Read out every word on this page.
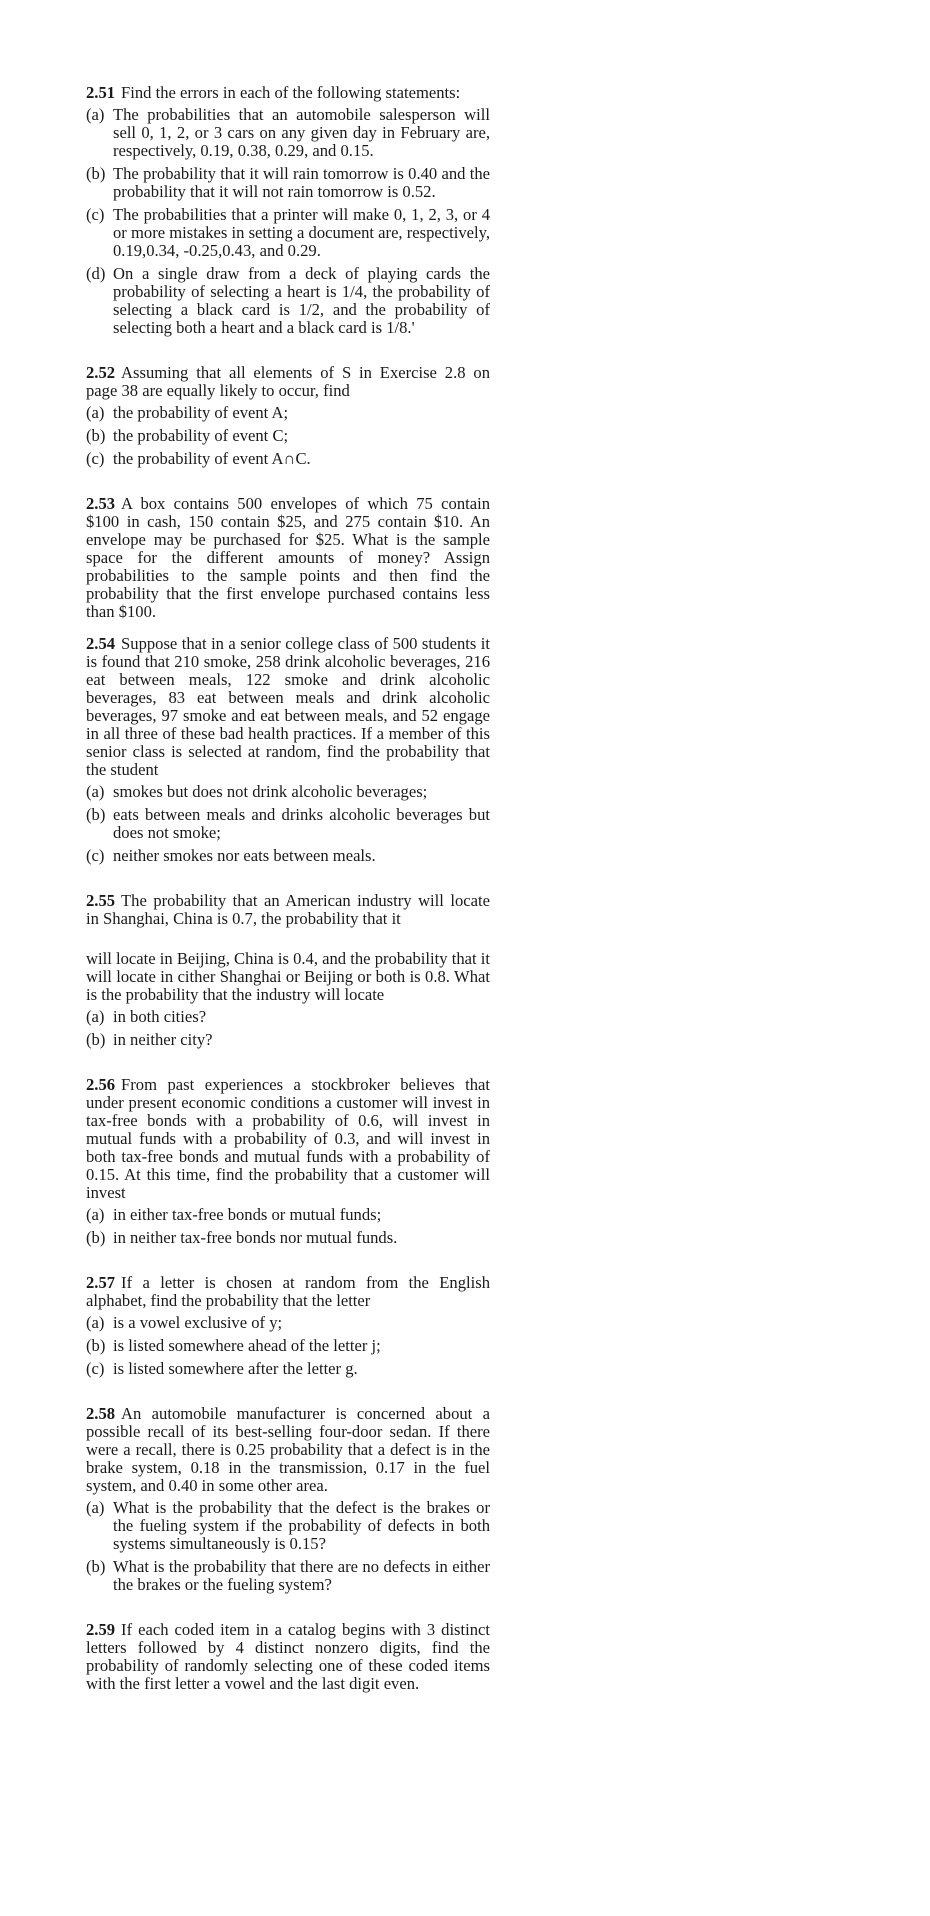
2.51 Find the errors in each of the following statements:

(a) The probabilities that an automobile salesperson will sell 0, 1, 2, or 3 cars on any given day in February are, respectively, 0.19, 0.38, 0.29, and 0.15.
(b) The probability that it will rain tomorrow is 0.40 and the probability that it will not rain tomorrow is 0.52.
(c) The probabilities that a printer will make 0, 1, 2, 3, or 4 or more mistakes in setting a document are, respectively, 0.19,0.34, -0.25,0.43, and 0.29.
(d) On a single draw from a deck of playing cards the probability of selecting a heart is 1/4, the probability of selecting a black card is 1/2, and the probability of selecting both a heart and a black card is 1/8.'

2.52 Assuming that all elements of S in Exercise 2.8 on page 38 are equally likely to occur, find

(a) the probability of event A;
(b) the probability of event C;
(c) the probability of event A∩C.

2.53 A box contains 500 envelopes of which 75 contain $100 in cash, 150 contain $25, and 275 contain $10. An envelope may be purchased for $25. What is the sample space for the different amounts of money? Assign probabilities to the sample points and then find the probability that the first envelope purchased contains less than $100.

2.54 Suppose that in a senior college class of 500 students it is found that 210 smoke, 258 drink alcoholic beverages, 216 eat between meals, 122 smoke and drink alcoholic beverages, 83 eat between meals and drink alcoholic beverages, 97 smoke and eat between meals, and 52 engage in all three of these bad health practices. If a member of this senior class is selected at random, find the probability that the student

(a) smokes but does not drink alcoholic beverages;
(b) eats between meals and drinks alcoholic beverages but does not smoke;
(c) neither smokes nor eats between meals.

2.55 The probability that an American industry will locate in Shanghai, China is 0.7, the probability that it

will locate in Beijing, China is 0.4, and the probability that it will locate in cither Shanghai or Beijing or both is 0.8. What is the probability that the industry will locate

(a) in both cities?
(b) in neither city?

2.56 From past experiences a stockbroker believes that under present economic conditions a customer will invest in tax-free bonds with a probability of 0.6, will invest in mutual funds with a probability of 0.3, and will invest in both tax-free bonds and mutual funds with a probability of 0.15. At this time, find the probability that a customer will invest

(a) in either tax-free bonds or mutual funds;
(b) in neither tax-free bonds nor mutual funds.

2.57 If a letter is chosen at random from the English alphabet, find the probability that the letter

(a) is a vowel exclusive of y;
(b) is listed somewhere ahead of the letter j;
(c) is listed somewhere after the letter g.

2.58 An automobile manufacturer is concerned about a possible recall of its best-selling four-door sedan. If there were a recall, there is 0.25 probability that a defect is in the brake system, 0.18 in the transmission, 0.17 in the fuel system, and 0.40 in some other area.

(a) What is the probability that the defect is the brakes or the fueling system if the probability of defects in both systems simultaneously is 0.15?
(b) What is the probability that there are no defects in either the brakes or the fueling system?

2.59 If each coded item in a catalog begins with 3 distinct letters followed by 4 distinct nonzero digits, find the probability of randomly selecting one of these coded items with the first letter a vowel and the last digit even.
